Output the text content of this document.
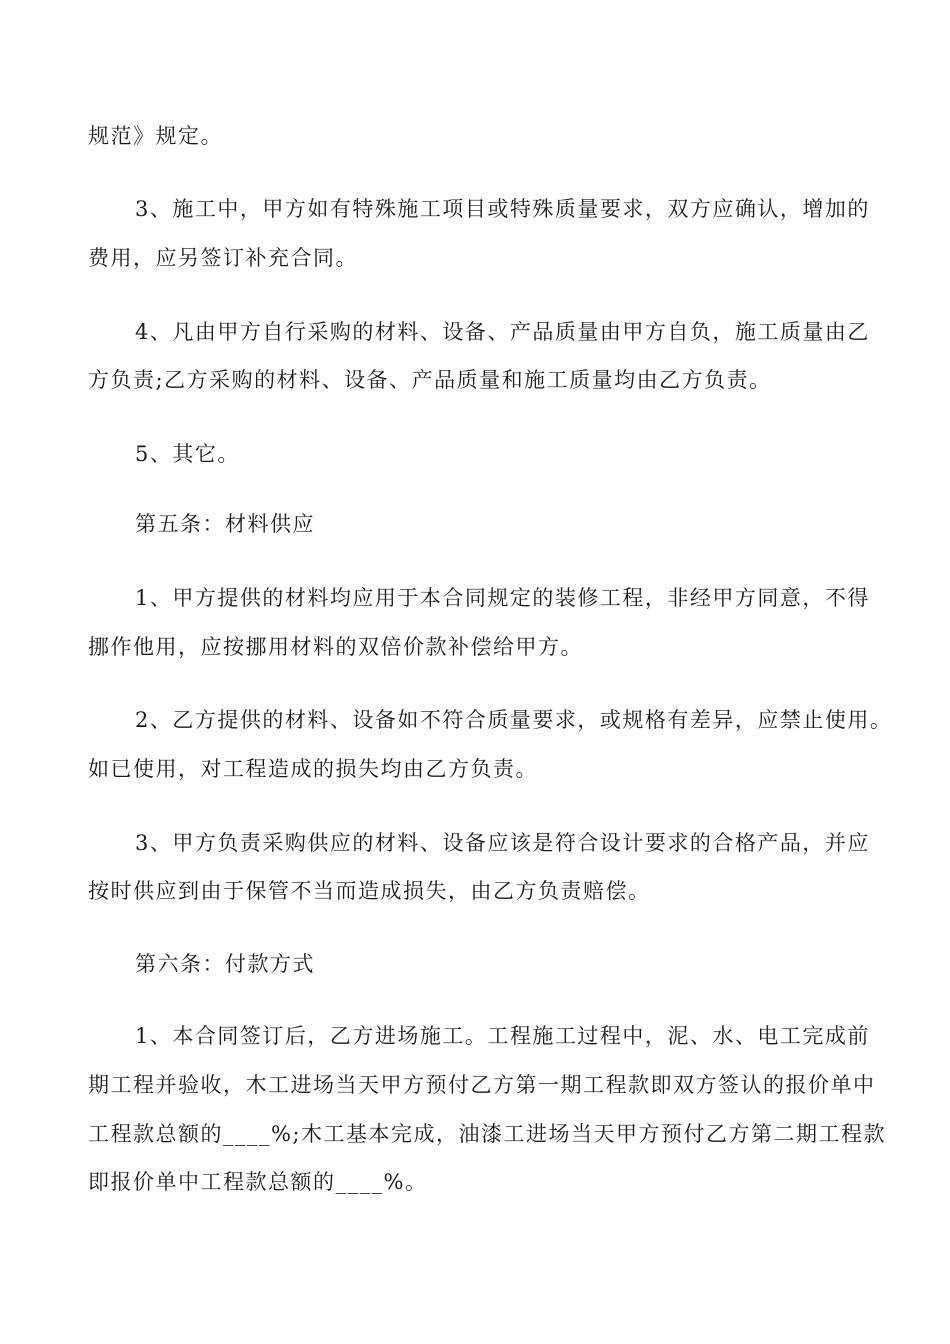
规范》规定。
3、施工中，甲方如有特殊施工项目或特殊质量要求，双方应确认，增加的
费用，应另签订补充合同。
4、凡由甲方自行采购的材料、设备、产品质量由甲方自负，施工质量由乙
方负责;乙方采购的材料、设备、产品质量和施工质量均由乙方负责。
5、其它。
第五条：材料供应
1、甲方提供的材料均应用于本合同规定的装修工程，非经甲方同意，不得
挪作他用，应按挪用材料的双倍价款补偿给甲方。
2、乙方提供的材料、设备如不符合质量要求，或规格有差异，应禁止使用。
如已使用，对工程造成的损失均由乙方负责。
3、甲方负责采购供应的材料、设备应该是符合设计要求的合格产品，并应
按时供应到由于保管不当而造成损失，由乙方负责赔偿。
第六条：付款方式
1、本合同签订后，乙方进场施工。工程施工过程中，泥、水、电工完成前
期工程并验收，木工进场当天甲方预付乙方第一期工程款即双方签认的报价单中
工程款总额的____%;木工基本完成，油漆工进场当天甲方预付乙方第二期工程款
即报价单中工程款总额的____%。
